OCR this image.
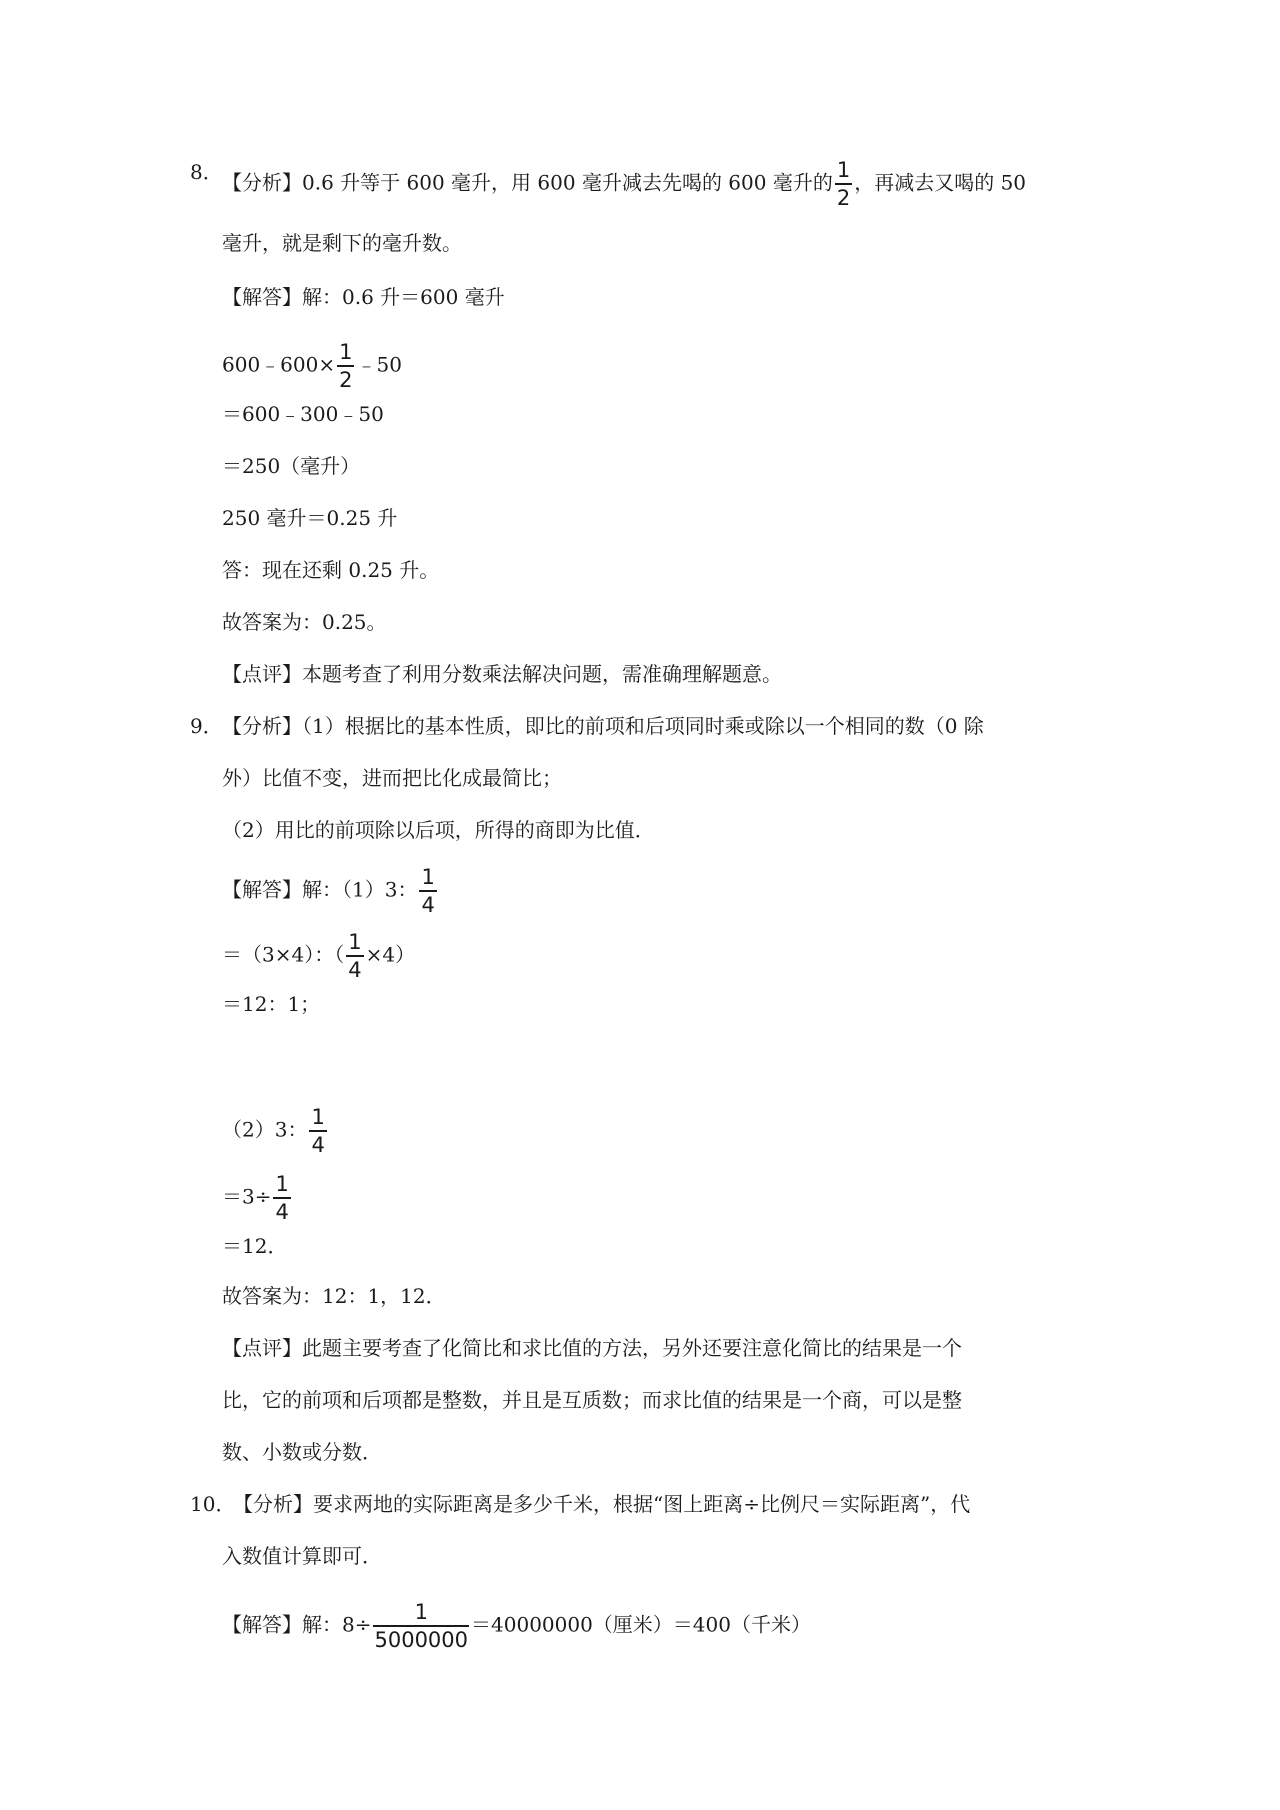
8． 【分析】0.6 升等于 600 毫升，用 600 毫升减去先喝的 600 毫升的 $\frac{1}{2}$ ，再减去又喝的 50
毫升，就是剩下的毫升数。
【解答】解：0.6 升＝600 毫升
600﹣600× $\frac{1}{2}$ ﹣50
＝600﹣300﹣50
＝250（毫升）
250 毫升＝0.25 升
答：现在还剩 0.25 升。
故答案为：0.25。
【点评】本题考查了利用分数乘法解决问题，需准确理解题意。
9． 【分析】（1）根据比的基本性质，即比的前项和后项同时乘或除以一个相同的数（0 除
外）比值不变，进而把比化成最简比；
（2）用比的前项除以后项，所得的商即为比值．
【解答】解：（1）3： $\frac{1}{4}$
＝（3×4）：（ $\frac{1}{4} \times 4$）
＝12：1；
（2）3： $\frac{1}{4}$
$=3\div \frac{1}{4}$
＝12．
故答案为：12：1，12．
【点评】此题主要考查了化简比和求比值的方法，另外还要注意化简比的结果是一个
比，它的前项和后项都是整数，并且是互质数；而求比值的结果是一个商，可以是整
数、小数或分数．
10．
【分析】要求两地的实际距离是多少千米，根据“图上距离÷比例尺＝实际距离”，代
入数值计算即可．
【解答】解：$8\div \frac{1}{5000000} =40000000$（厘米）＝400（千米）
